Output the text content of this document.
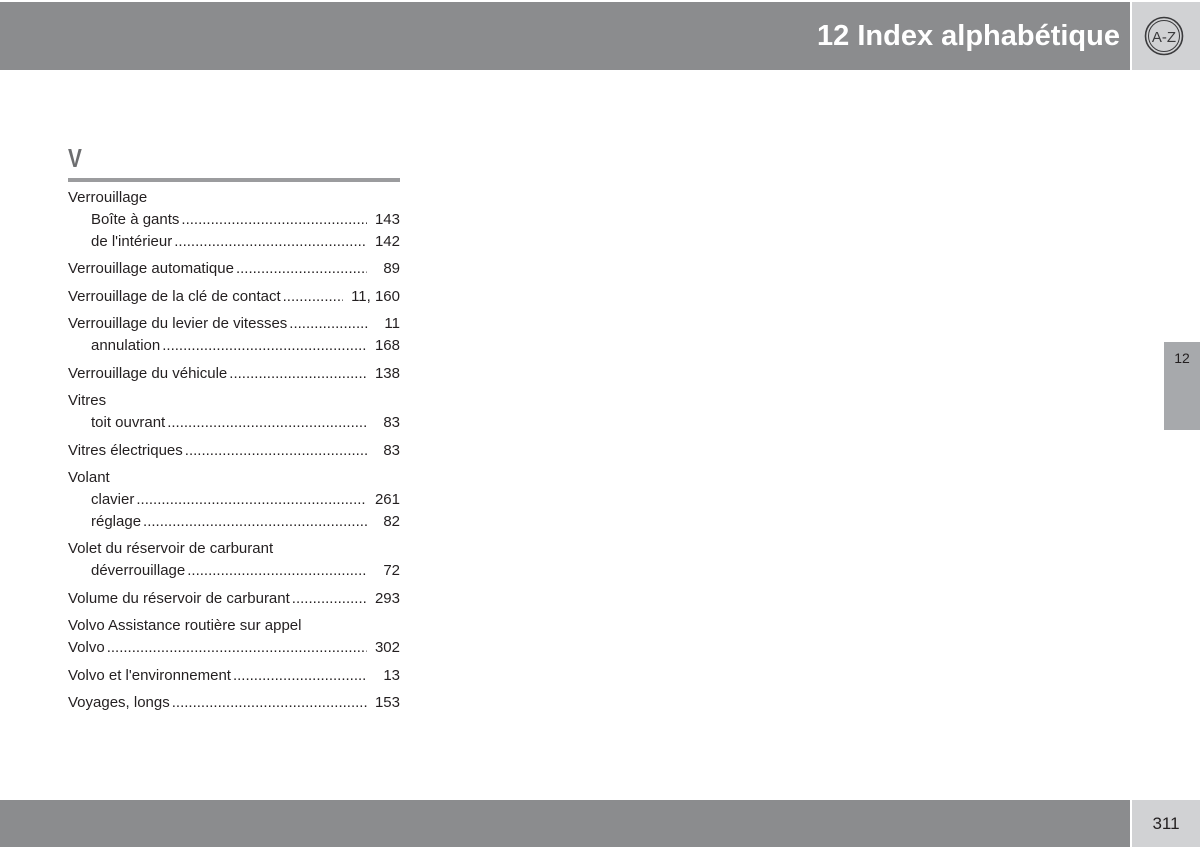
12 Index alphabétique A-Z
V
Verrouillage
Boîte à gants .....	143
de l'intérieur .....	142
Verrouillage automatique .....	89
Verrouillage de la clé de contact .....	11, 160
Verrouillage du levier de vitesses .....	11
annulation .....	168
Verrouillage du véhicule .....	138
Vitres
toit ouvrant .....	83
Vitres électriques .....	83
Volant
clavier .....	261
réglage .....	82
Volet du réservoir de carburant
déverrouillage .....	72
Volume du réservoir de carburant .....	293
Volvo Assistance routière sur appel
Volvo .....	302
Volvo et l'environnement .....	13
Voyages, longs .....	153
12
311
